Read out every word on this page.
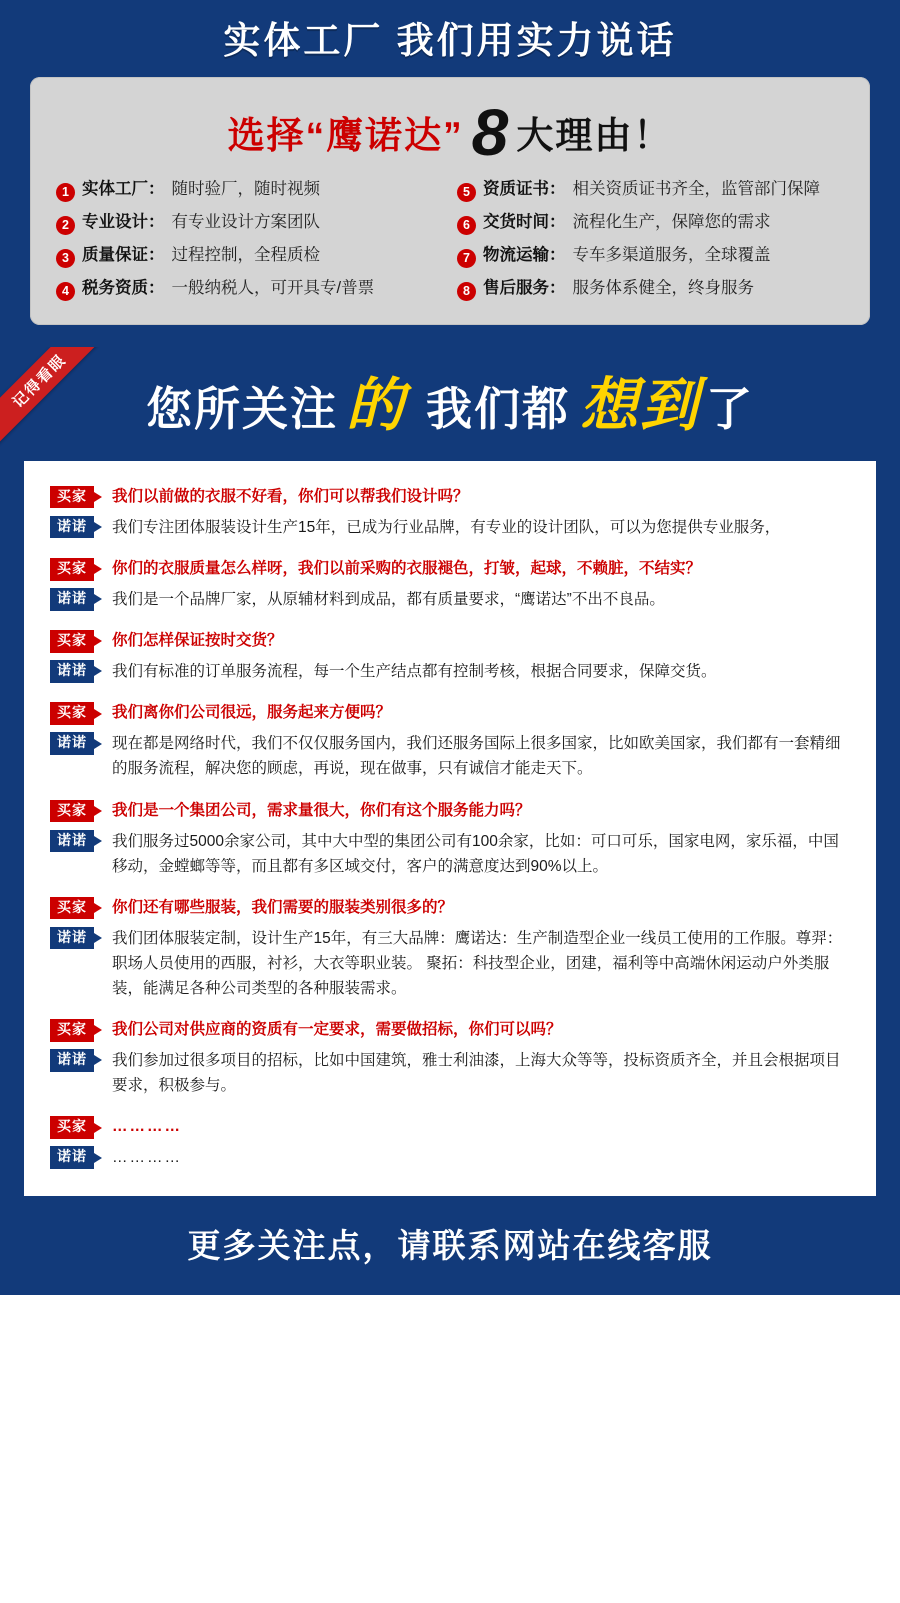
实体工厂 我们用实力说话
选择“鹰诺达” 8 大理由！
1 实体工厂： 随时验厂，随时视频	5 资质证书： 相关资质证书齐全，监管部门保障
2 专业设计： 有专业设计方案团队	6 交货时间： 流程化生产，保障您的需求
3 质量保证： 过程控制，全程质检	7 物流运输： 专车多渠道服务，全球覆盖
4 税务资质： 一般纳税人，可开具专/普票	8 售后服务： 服务体系健全，终身服务
记得看眼	您所关注 的 我们都 想到 了
买家	我们以前做的衣服不好看，你们可以帮我们设计吗？
诺诺	我们专注团体服装设计生产15年，已成为行业品牌，有专业的设计团队，可以为您提供专业服务，
买家	你们的衣服质量怎么样呀，我们以前采购的衣服褪色，打皱，起球，不赖脏，不结实？
诺诺	我们是一个品牌厂家，从原辅材料到成品，都有质量要求，“鹰诺达”不出不良品。
买家	你们怎样保证按时交货？
诺诺	我们有标准的订单服务流程，每一个生产结点都有控制考核，根据合同要求，保障交货。
买家	我们离你们公司很远，服务起来方便吗？
诺诺	现在都是网络时代，我们不仅仅服务国内，我们还服务国际上很多国家，比如欧美国家，我们都有一套精细的服务流程，解决您的顾虑，再说，现在做事，只有诚信才能走天下。
买家	我们是一个集团公司，需求量很大，你们有这个服务能力吗？
诺诺	我们服务过5000余家公司，其中大中型的集团公司有100余家，比如：可口可乐，国家电网，家乐福，中国移动，金螳螂等等，而且都有多区域交付，客户的满意度达到90%以上。
买家	你们还有哪些服装，我们需要的服装类别很多的？
诺诺	我们团体服装定制，设计生产15年，有三大品牌：鹰诺达：生产制造型企业一线员工使用的工作服。尊羿：职场人员使用的西服，衬衫，大衣等职业装。 聚拓：科技型企业，团建，福利等中高端休闲运动户外类服装，能满足各种公司类型的各种服装需求。
买家	我们公司对供应商的资质有一定要求，需要做招标，你们可以吗？
诺诺	我们参加过很多项目的招标，比如中国建筑，雅士利油漆，上海大众等等，投标资质齐全，并且会根据项目要求，积极参与。
买家	…………
诺诺	…………
更多关注点，请联系网站在线客服
